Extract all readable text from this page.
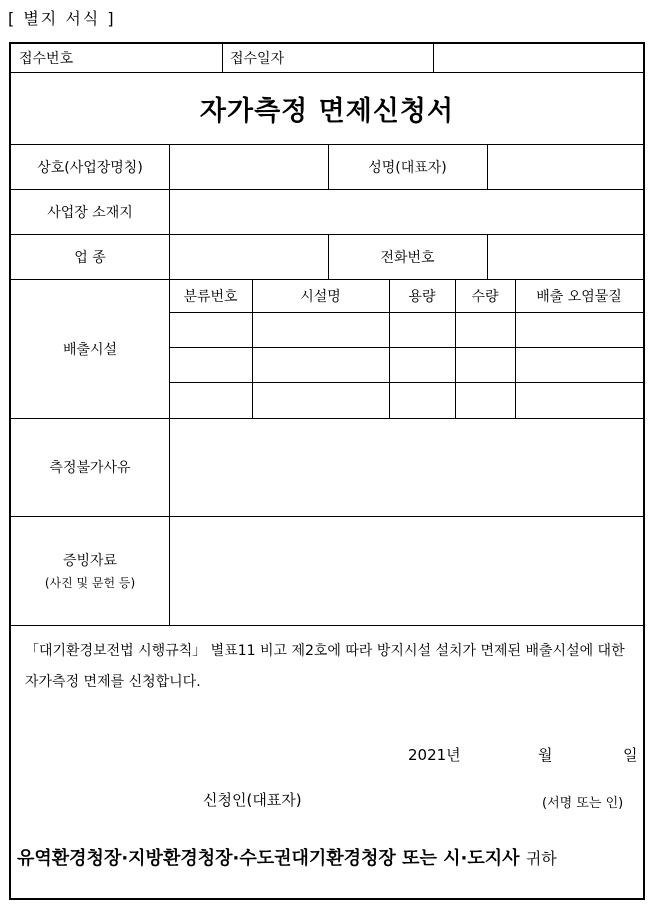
[ 별지 서식 ]
접수번호	접수일자
자가측정 면제신청서
상호(사업장명칭)	성명(대표자)
사업장 소재지
업 종	전화번호
배출시설
분류번호	시설명	용량	수량	배출 오염물질
측정불가사유
증빙자료
(사진 및 문헌 등)
「대기환경보전법 시행규칙」 별표11 비고 제2호에 따라 방지시설 설치가 면제된 배출시설에 대한 자가측정 면제를 신청합니다.
2021년	월	일
신청인(대표자)	(서명 또는 인)
유역환경청장·지방환경청장·수도권대기환경청장 또는 시·도지사 귀하
